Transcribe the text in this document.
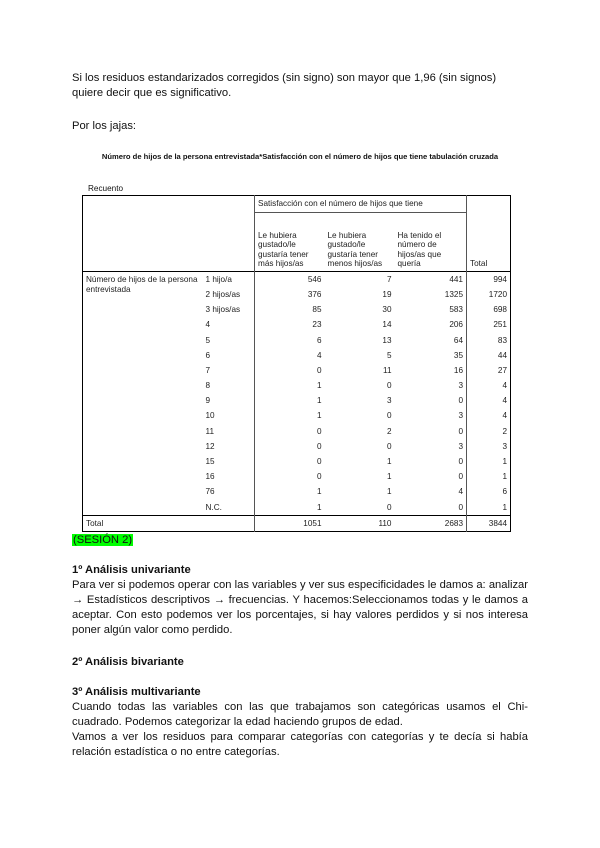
Si los residuos estandarizados corregidos (sin signo) son mayor que 1,96 (sin signos) quiere decir que es significativo.

Por los jajas:

Número de hijos de la persona entrevistada*Satisfacción con el número de hijos que tiene tabulación cruzada
Recuento
		Satisfacción con el número de hijos que tiene			Total
		Le hubiera gustado/le gustaría tener más hijos/as	Le hubiera gustado/le gustaría tener menos hijos/as	Ha tenido el número de hijos/as que quería	
Número de hijos de la persona entrevistada	1 hijo/a	546	7	441	994
	2 hijos/as	376	19	1325	1720
	3 hijos/as	85	30	583	698
	4	23	14	206	251
	5	6	13	64	83
	6	4	5	35	44
	7	0	11	16	27
	8	1	0	3	4
	9	1	3	0	4
	10	1	0	3	4
	11	0	2	0	2
	12	0	0	3	3
	15	0	1	0	1
	16	0	1	0	1
	76	1	1	4	6
	N.C.	1	0	0	1
Total		1051	110	2683	3844

(SESIÓN 2)

1º Análisis univariante

Para ver si podemos operar con las variables y ver sus especificidades le damos a: analizar → Estadísticos descriptivos → frecuencias. Y hacemos:Seleccionamos todas y le damos a aceptar. Con esto podemos ver los porcentajes, si hay valores perdidos y si nos interesa poner algún valor como perdido.

2º Análisis bivariante

3º Análisis multivariante

Cuando todas las variables con las que trabajamos son categóricas usamos el Chi-cuadrado. Podemos categorizar la edad haciendo grupos de edad.

Vamos a ver los residuos para comparar categorías con categorías y te decía si había relación estadística o no entre categorías.
